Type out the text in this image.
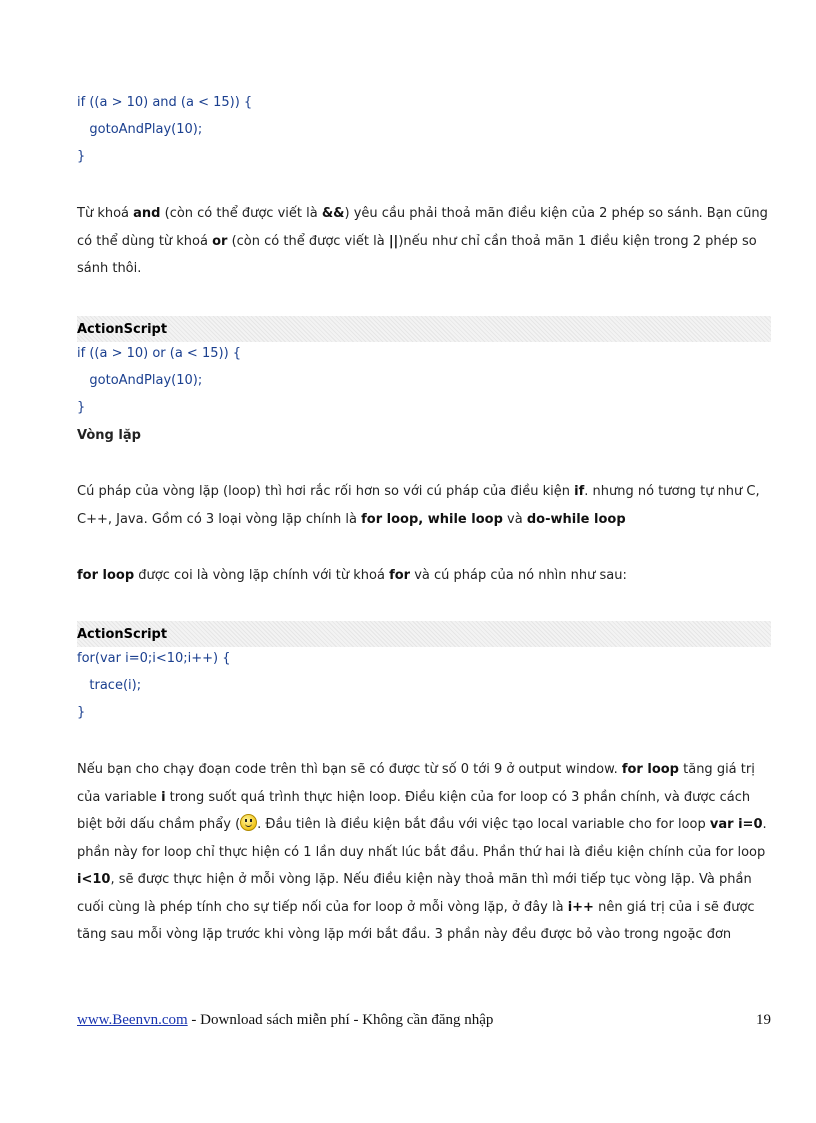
if ((a > 10) and (a < 15)) {
gotoAndPlay(10);
}
Từ khoá and (còn có thể được viết là &&) yêu cầu phải thoả mãn điều kiện của 2 phép so sánh. Bạn cũng có thể dùng từ khoá or (còn có thể được viết là ||)nếu như chỉ cần thoả mãn 1 điều kiện trong 2 phép so sánh thôi.
ActionScript
if ((a > 10) or (a < 15)) {
gotoAndPlay(10);
}
Vòng lặp
Cú pháp của vòng lặp (loop) thì hơi rắc rối hơn so với cú pháp của điều kiện if. nhưng nó tương tự như C, C++, Java. Gồm có 3 loại vòng lặp chính là for loop, while loop và do-while loop
for loop được coi là vòng lặp chính với từ khoá for và cú pháp của nó nhìn như sau:
ActionScript
for(var i=0;i<10;i++) {
trace(i);
}
Nếu bạn cho chạy đoạn code trên thì bạn sẽ có được từ số 0 tới 9 ở output window. for loop tăng giá trị của variable i trong suốt quá trình thực hiện loop. Điều kiện của for loop có 3 phần chính, và được cách biệt bởi dấu chầm phẩy ( . Đầu tiên là điều kiện bắt đầu với việc tạo local variable cho for loop var i=0. phần này for loop chỉ thực hiện có 1 lần duy nhất lúc bắt đầu. Phần thứ hai là điều kiện chính của for loop i<10, sẽ được thực hiện ở mỗi vòng lặp. Nếu điều kiện này thoả mãn thì mới tiếp tục vòng lặp. Và phần cuối cùng là phép tính cho sự tiếp nối của for loop ở mỗi vòng lặp, ở đây là i++ nên giá trị của i sẽ được tăng sau mỗi vòng lặp trước khi vòng lặp mới bắt đầu. 3 phần này đều được bỏ vào trong ngoặc đơn
www.Beenvn.com - Download sách miễn phí - Không cần đăng nhập	19
